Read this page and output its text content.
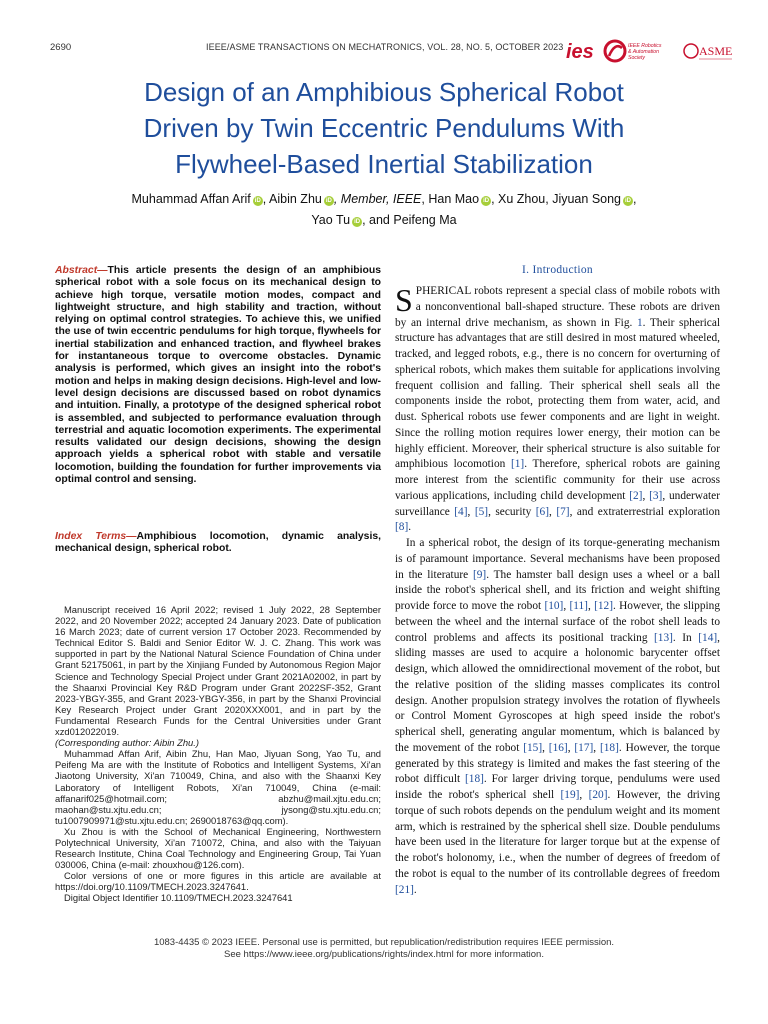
2690	IEEE/ASME TRANSACTIONS ON MECHATRONICS, VOL. 28, NO. 5, OCTOBER 2023 ies	IEEE Robotics
& Automation
Society	ASME
Design of an Amphibious Spherical Robot
Driven by Twin Eccentric Pendulums With
Flywheel-Based Inertial Stabilization
Muhammad Affan Arif iD , Aibin Zhu iD , Member, IEEE, Han Mao iD , Xu Zhou, Jiyuan Song iD ,
Yao Tu iD , and Peifeng Ma
Abstract—This article presents the design of an amphibious spherical robot with a sole focus on its mechanical design to achieve high torque, versatile motion modes, compact and lightweight structure, and high stability and traction, without relying on optimal control strategies. To achieve this, we unified the use of twin eccentric pendulums for high torque, flywheels for inertial stabilization and enhanced traction, and flywheel brakes for instantaneous torque to overcome obstacles. Dynamic analysis is performed, which gives an insight into the robot's motion and helps in making design decisions. High-level and low-level design decisions are discussed based on robot dynamics and intuition. Finally, a prototype of the designed spherical robot is assembled, and subjected to performance evaluation through terrestrial and aquatic locomotion experiments. The experimental results validated our design decisions, showing the design approach yields a spherical robot with stable and versatile locomotion, building the foundation for further improvements via optimal control and sensing.
Index Terms—Amphibious locomotion, dynamic analysis, mechanical design, spherical robot.

Manuscript received 16 April 2022; revised 1 July 2022, 28 September 2022, and 20 November 2022; accepted 24 January 2023. Date of publication 16 March 2023; date of current version 17 October 2023. Recommended by Technical Editor S. Baldi and Senior Editor W. J. C. Zhang. This work was supported in part by the National Natural Science Foundation of China under Grant 52175061, in part by the Xinjiang Funded by Autonomous Region Major Science and Technology Special Project under Grant 2021A02002, in part by the Shaanxi Provincial Key R&D Program under Grant 2022SF-352, Grant 2023-YBGY-355, and Grant 2023-YBGY-356, in part by the Shanxi Provincial Key Research Project under Grant 2020XXX001, and in part by the Fundamental Research Funds for the Central Universities under Grant xzd012022019.
(Corresponding author: Aibin Zhu.)

Muhammad Affan Arif, Aibin Zhu, Han Mao, Jiyuan Song, Yao Tu, and Peifeng Ma are with the Institute of Robotics and Intelligent Systems, Xi'an Jiaotong University, Xi'an 710049, China, and also with the Shaanxi Key Laboratory of Intelligent Robots, Xi'an 710049, China (e-mail: affanarif025@hotmail.com; abzhu@mail.xjtu.edu.cn; maohan@stu.xjtu.edu.cn; jysong@stu.xjtu.edu.cn; tu1007909971@stu.xjtu.edu.cn; 2690018763@qq.com).

Xu Zhou is with the School of Mechanical Engineering, Northwestern Polytechnical University, Xi'an 710072, China, and also with the Taiyuan Research Institute, China Coal Technology and Engineering Group, Tai Yuan 030006, China (e-mail: zhouxhou@126.com).

Color versions of one or more figures in this article are available at https://doi.org/10.1109/TMECH.2023.3247641.

Digital Object Identifier 10.1109/TMECH.2023.3247641

I. Introduction

SPHERICAL robots represent a special class of mobile robots with a nonconventional ball-shaped structure. These robots are driven by an internal drive mechanism, as shown in Fig. 1. Their spherical structure has advantages that are still desired in most matured wheeled, tracked, and legged robots, e.g., there is no concern for overturning of spherical robots, which makes them suitable for applications involving frequent collision and falling. Their spherical shell seals all the components inside the robot, protecting them from water, acid, and dust. Spherical robots use fewer components and are light in weight. Since the rolling motion requires lower energy, their motion can be highly efficient. Moreover, their spherical structure is also suitable for amphibious locomotion [1]. Therefore, spherical robots are gaining more interest from the scientific community for their use across various applications, including child development [2], [3], underwater surveillance [4], [5], security [6], [7], and extraterrestrial exploration [8].

In a spherical robot, the design of its torque-generating mechanism is of paramount importance. Several mechanisms have been proposed in the literature [9]. The hamster ball design uses a wheel or a ball inside the robot's spherical shell, and its friction and weight shifting provide force to move the robot [10], [11], [12]. However, the slipping between the wheel and the internal surface of the robot shell leads to control problems and affects its positional tracking [13]. In [14], sliding masses are used to acquire a holonomic barycenter offset design, which allowed the omnidirectional movement of the robot, but the relative position of the sliding masses complicates its control design. Another propulsion strategy involves the rotation of flywheels or Control Moment Gyroscopes at high speed inside the robot's spherical shell, generating angular momentum, which is balanced by the movement of the robot [15], [16], [17], [18]. However, the torque generated by this strategy is limited and makes the fast steering of the robot difficult [18]. For larger driving torque, pendulums were used inside the robot's spherical shell [19], [20]. However, the driving torque of such robots depends on the pendulum weight and its moment arm, which is restrained by the spherical shell size. Double pendulums have been used in the literature for larger torque but at the expense of the robot's holonomy, i.e., when the number of degrees of freedom of the robot is equal to the number of its controllable degrees of freedom [21].

1083-4435 © 2023 IEEE. Personal use is permitted, but republication/redistribution requires IEEE permission.
See https://www.ieee.org/publications/rights/index.html for more information.
